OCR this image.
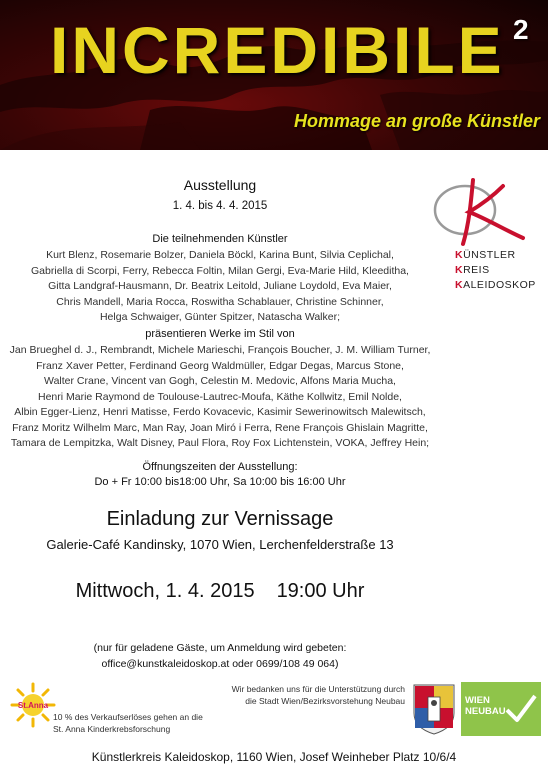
INCREDIBILE 2
Hommage an große Künstler
KÜNSTLER
KREIS
KALEIDOSKOP
Ausstellung
1. 4. bis 4. 4. 2015
Die teilnehmenden Künstler
Kurt Blenz, Rosemarie Bolzer, Daniela Böckl, Karina Bunt, Silvia Ceplichal,
Gabriella di Scorpi, Ferry, Rebecca Foltin, Milan Gergi, Eva-Marie Hild, Kleeditha,
Gitta Landgraf-Hausmann, Dr. Beatrix Leitold, Juliane Loydold, Eva Maier,
Chris Mandell, Maria Rocca, Roswitha Schablauer, Christine Schinner,
Helga Schwaiger, Günter Spitzer, Natascha Walker;
präsentieren Werke im Stil von
Jan Brueghel d. J., Rembrandt, Michele Marieschi, François Boucher, J. M. William Turner,
Franz Xaver Petter, Ferdinand Georg Waldmüller, Edgar Degas, Marcus Stone,
Walter Crane, Vincent van Gogh, Celestin M. Medovic, Alfons Maria Mucha,
Henri Marie Raymond de Toulouse-Lautrec-Moufa, Käthe Kollwitz, Emil Nolde,
Albin Egger-Lienz, Henri Matisse, Ferdo Kovacevic, Kasimir Sewerinowitsch Malewitsch,
Franz Moritz Wilhelm Marc, Man Ray, Joan Miró i Ferra, Rene François Ghislain Magritte,
Tamara de Lempitzka, Walt Disney, Paul Flora, Roy Fox Lichtenstein, VOKA, Jeffrey Hein;
Öffnungszeiten der Ausstellung:
Do + Fr 10:00 bis18:00 Uhr, Sa 10:00 bis 16:00 Uhr
Einladung zur Vernissage
Galerie-Café Kandinsky, 1070 Wien, Lerchenfelderstraße 13
Mittwoch, 1. 4. 2015 19:00 Uhr
(nur für geladene Gäste, um Anmeldung wird gebeten:
office@kunstkaleidoskop.at oder 0699/108 49 064)
St.Anna
10 % des Verkaufserlöses gehen an die
St. Anna Kinderkrebsforschung
Wir bedanken uns für die Unterstützung durch
die Stadt Wien/Bezirksvorstehung Neubau	WIEN
NEUBAU
Künstlerkreis Kaleidoskop, 1160 Wien, Josef Weinheber Platz 10/6/4
